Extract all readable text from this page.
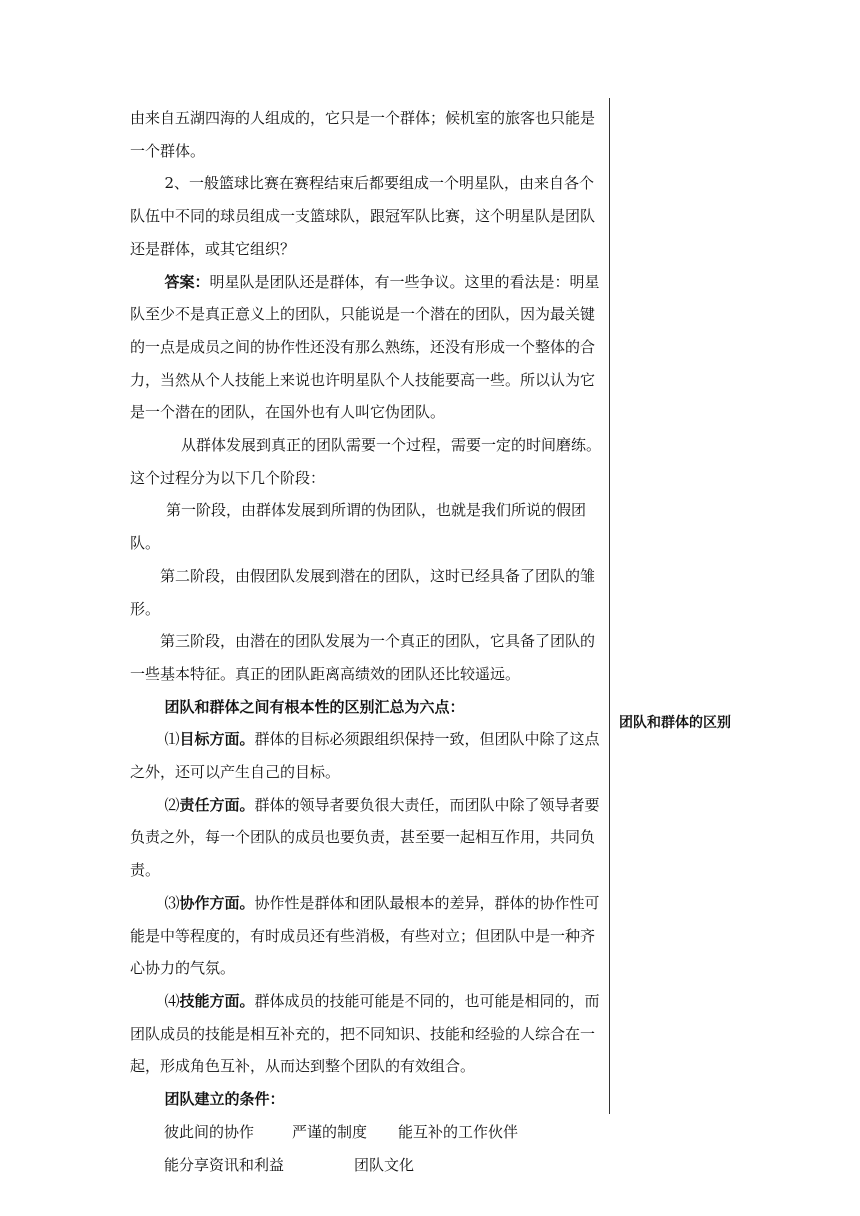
由来自五湖四海的人组成的，它只是一个群体；候机室的旅客也只能是一个群体。

2、一般篮球比赛在赛程结束后都要组成一个明星队，由来自各个队伍中不同的球员组成一支篮球队，跟冠军队比赛，这个明星队是团队还是群体，或其它组织？

答案：明星队是团队还是群体，有一些争议。这里的看法是：明星队至少不是真正意义上的团队，只能说是一个潜在的团队，因为最关键的一点是成员之间的协作性还没有那么熟练，还没有形成一个整体的合力，当然从个人技能上来说也许明星队个人技能要高一些。所以认为它是一个潜在的团队，在国外也有人叫它伪团队。

从群体发展到真正的团队需要一个过程，需要一定的时间磨练。这个过程分为以下几个阶段：

第一阶段，由群体发展到所谓的伪团队，也就是我们所说的假团队。

第二阶段，由假团队发展到潜在的团队，这时已经具备了团队的雏形。

第三阶段，由潜在的团队发展为一个真正的团队，它具备了团队的一些基本特征。真正的团队距离高绩效的团队还比较遥远。

团队和群体之间有根本性的区别汇总为六点：

⑴目标方面。群体的目标必须跟组织保持一致，但团队中除了这点之外，还可以产生自己的目标。

⑵责任方面。群体的领导者要负很大责任，而团队中除了领导者要负责之外，每一个团队的成员也要负责，甚至要一起相互作用，共同负责。

⑶协作方面。协作性是群体和团队最根本的差异，群体的协作性可能是中等程度的，有时成员还有些消极，有些对立；但团队中是一种齐心协力的气氛。

⑷技能方面。群体成员的技能可能是不同的，也可能是相同的，而团队成员的技能是相互补充的，把不同知识、技能和经验的人综合在一起，形成角色互补，从而达到整个团队的有效组合。

团队建立的条件：

彼此间的协作	严谨的制度 能互补的工作伙伴

能分享资讯和利益	团队文化

团队和群体的区别
